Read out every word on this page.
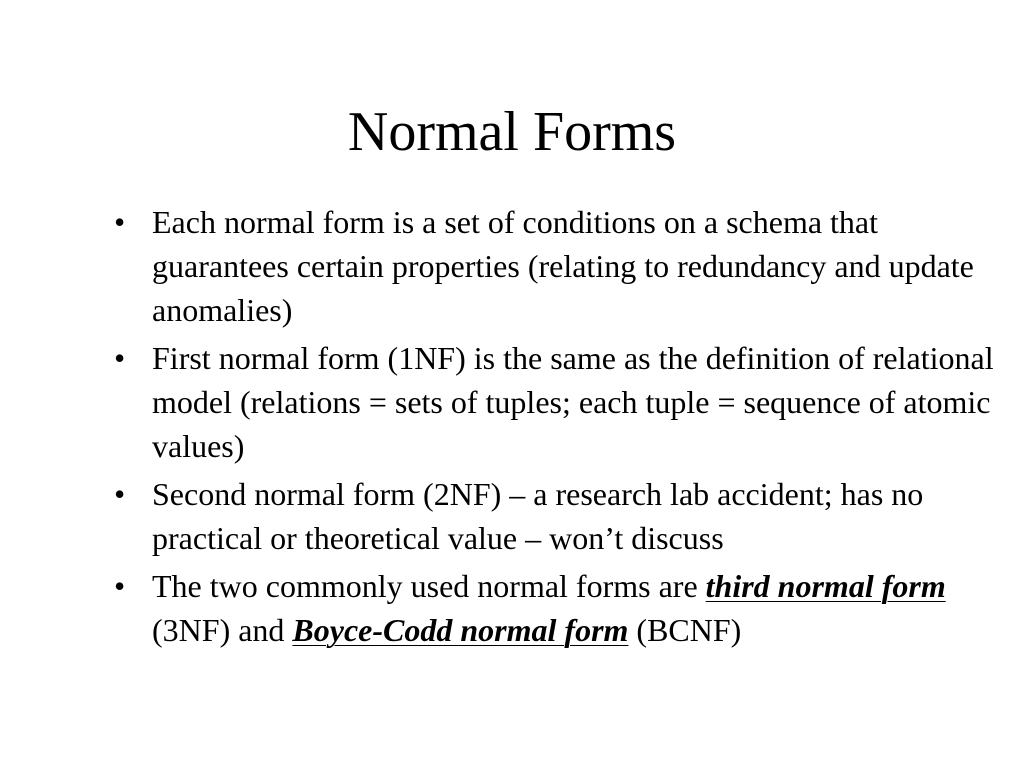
Normal Forms
• Each normal form is a set of conditions on a schema that guarantees certain properties (relating to redundancy and update anomalies)
• First normal form (1NF) is the same as the definition of relational model (relations = sets of tuples; each tuple = sequence of atomic values)
• Second normal form (2NF) – a research lab accident; has no practical or theoretical value – won’t discuss
• The two commonly used normal forms are third normal form (3NF) and Boyce-Codd normal form (BCNF)
